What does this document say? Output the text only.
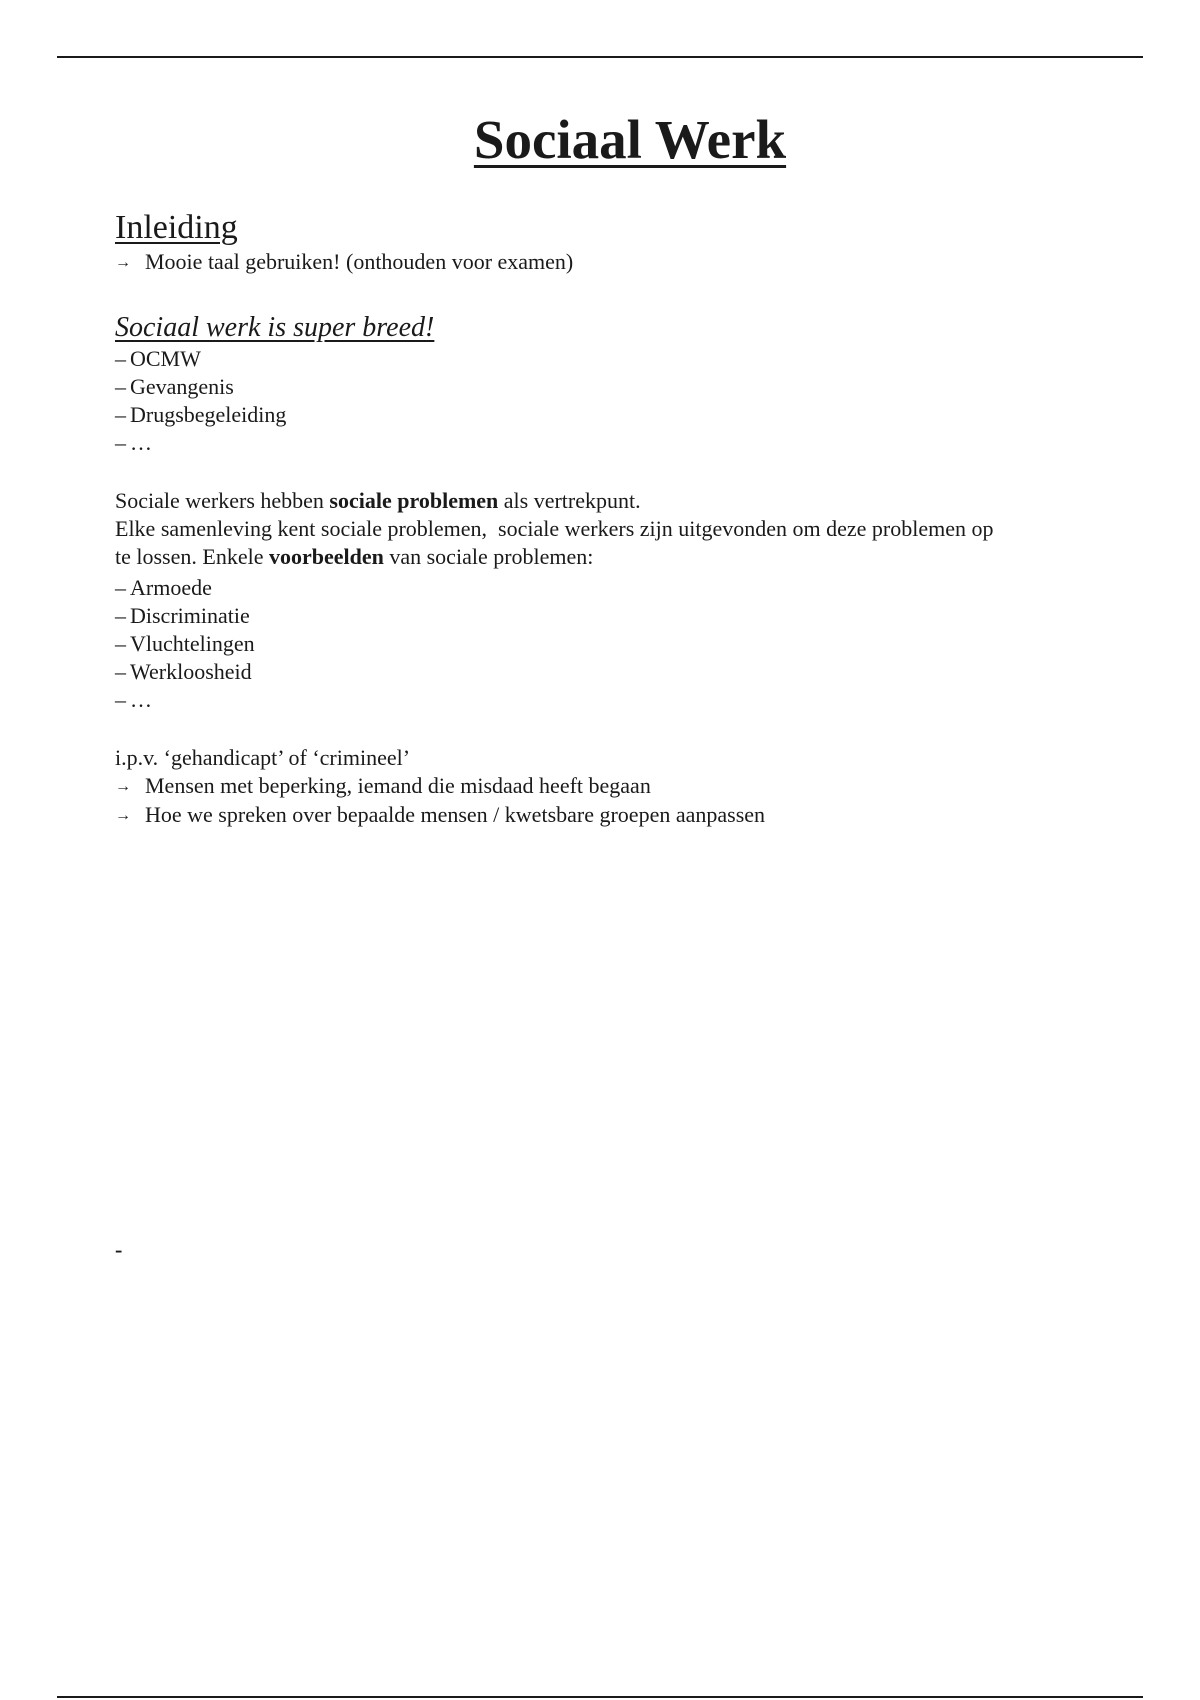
Sociaal Werk
Inleiding

→ Mooie taal gebruiken! (onthouden voor examen)

Sociaal werk is super breed!
– OCMW
– Gevangenis
– Drugsbegeleiding
– …

Sociale werkers hebben sociale problemen als vertrekpunt.

Elke samenleving kent sociale problemen,  sociale werkers zijn uitgevonden om deze problemen op

te lossen. Enkele voorbeelden van sociale problemen:

– Armoede
– Discriminatie
– Vluchtelingen
– Werkloosheid
– …

i.p.v. ‘gehandicapt’ of ‘crimineel’

→ Mensen met beperking, iemand die misdaad heeft begaan

→ Hoe we spreken over bepaalde mensen / kwetsbare groepen aanpassen

-
